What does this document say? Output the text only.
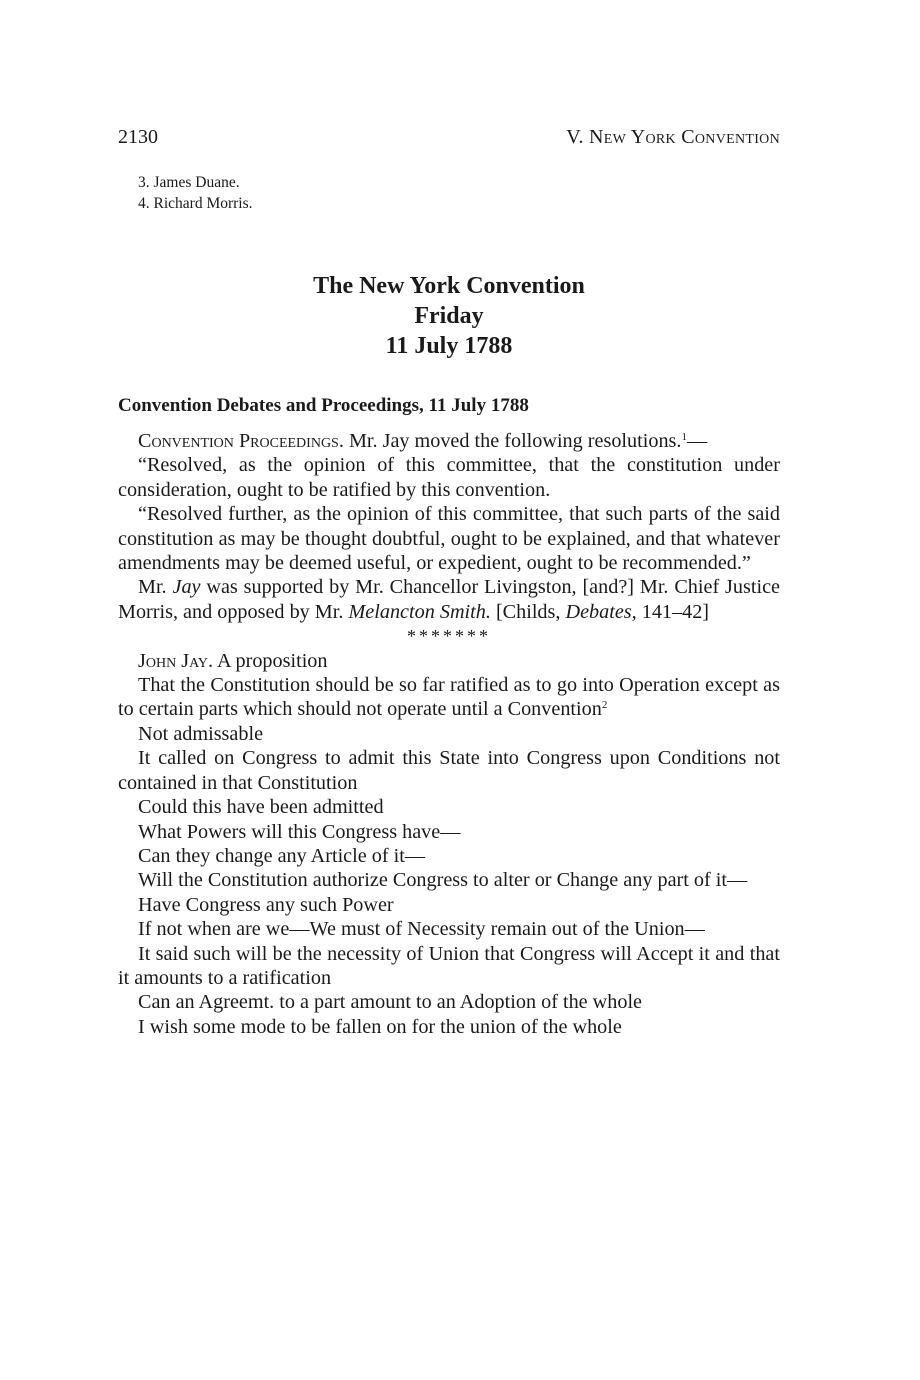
2130	V. New York Convention
3. James Duane.
4. Richard Morris.
The New York Convention
Friday
11 July 1788
Convention Debates and Proceedings, 11 July 1788

Convention Proceedings. Mr. Jay moved the following resolutions.$^1$—

“Resolved, as the opinion of this committee, that the constitution under consideration, ought to be ratified by this convention.

“Resolved further, as the opinion of this committee, that such parts of the said constitution as may be thought doubtful, ought to be explained, and that whatever amendments may be deemed useful, or expedient, ought to be recommended.”

Mr. Jay was supported by Mr. Chancellor Livingston, [and?] Mr. Chief Justice Morris, and opposed by Mr. Melancton Smith. [Childs, Debates, 141–42]

*******

John Jay. A proposition

That the Constitution should be so far ratified as to go into Operation except as to certain parts which should not operate until a Convention$^2$

Not admissable

It called on Congress to admit this State into Congress upon Conditions not contained in that Constitution

Could this have been admitted

What Powers will this Congress have—

Can they change any Article of it—

Will the Constitution authorize Congress to alter or Change any part of it—

Have Congress any such Power

If not when are we—We must of Necessity remain out of the Union—

It said such will be the necessity of Union that Congress will Accept it and that it amounts to a ratification

Can an Agreemt. to a part amount to an Adoption of the whole

I wish some mode to be fallen on for the union of the whole
